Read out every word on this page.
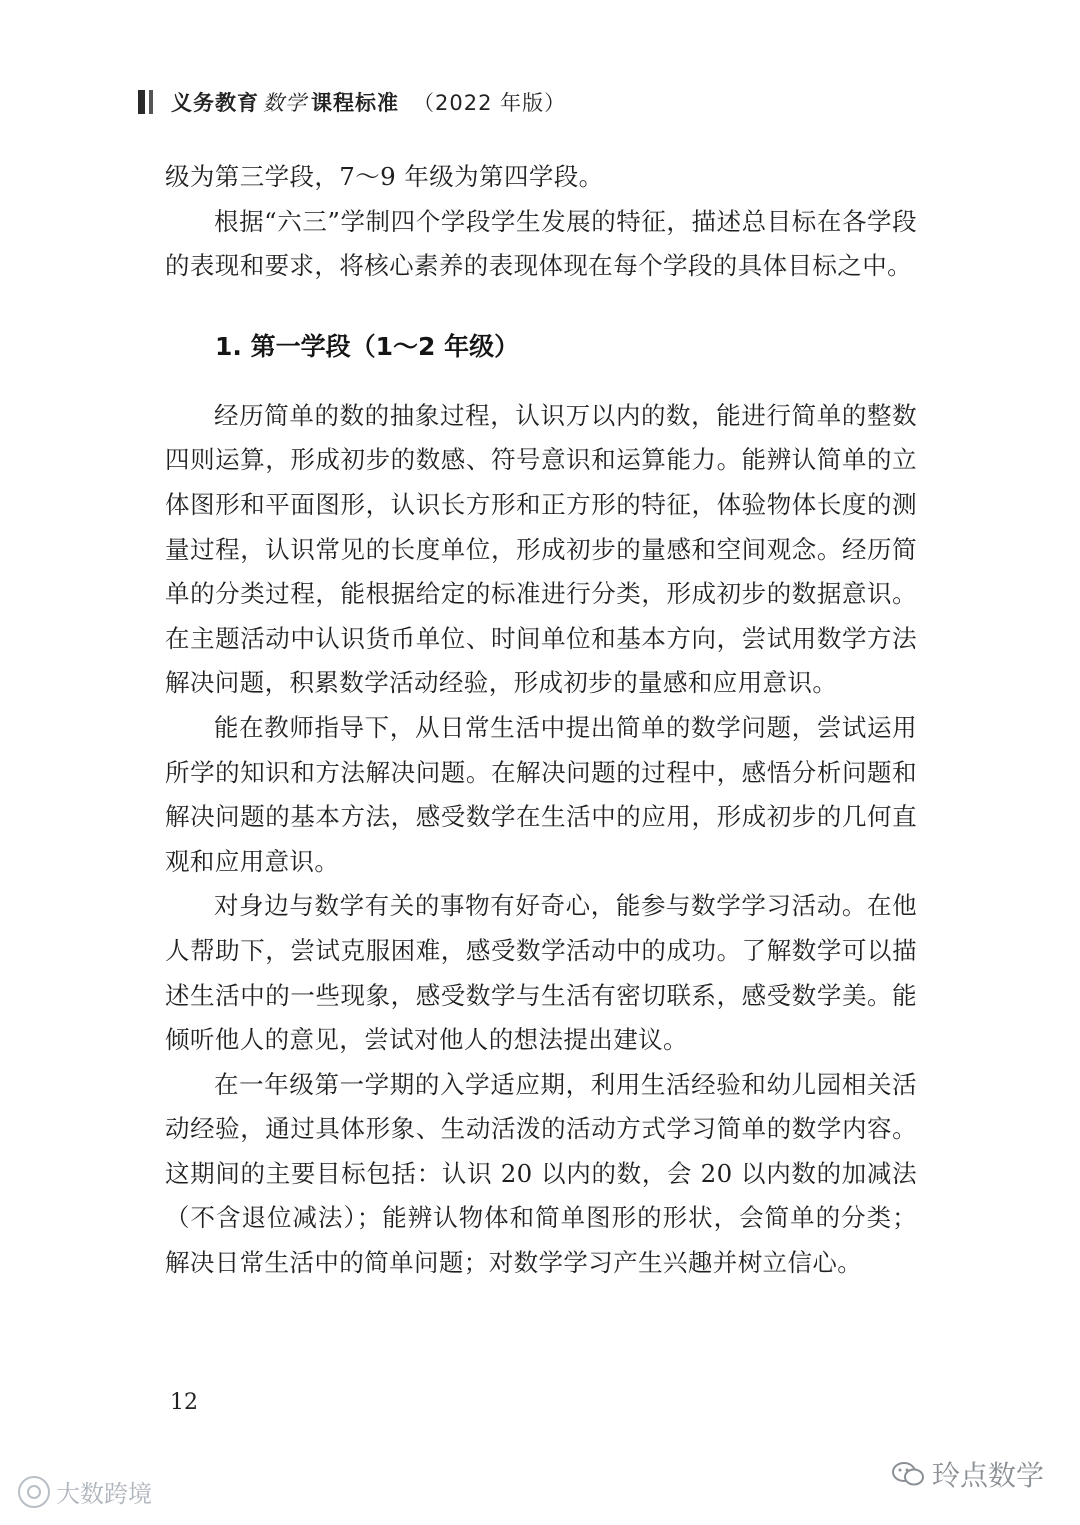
义务教育 数学 课程标准 （2022 年版）

级为第三学段，7～9 年级为第四学段。

根据“六三”学制四个学段学生发展的特征，描述总目标在各学段的表现和要求，将核心素养的表现体现在每个学段的具体目标之中。

1. 第一学段（1～2 年级）

经历简单的数的抽象过程，认识万以内的数，能进行简单的整数四则运算，形成初步的数感、符号意识和运算能力。能辨认简单的立体图形和平面图形，认识长方形和正方形的特征，体验物体长度的测量过程，认识常见的长度单位，形成初步的量感和空间观念。经历简单的分类过程，能根据给定的标准进行分类，形成初步的数据意识。在主题活动中认识货币单位、时间单位和基本方向，尝试用数学方法解决问题，积累数学活动经验，形成初步的量感和应用意识。

能在教师指导下，从日常生活中提出简单的数学问题，尝试运用所学的知识和方法解决问题。在解决问题的过程中，感悟分析问题和解决问题的基本方法，感受数学在生活中的应用，形成初步的几何直观和应用意识。

对身边与数学有关的事物有好奇心，能参与数学学习活动。在他人帮助下，尝试克服困难，感受数学活动中的成功。了解数学可以描述生活中的一些现象，感受数学与生活有密切联系，感受数学美。能倾听他人的意见，尝试对他人的想法提出建议。

在一年级第一学期的入学适应期，利用生活经验和幼儿园相关活动经验，通过具体形象、生动活泼的活动方式学习简单的数学内容。这期间的主要目标包括：认识 20 以内的数，会 20 以内数的加减法（不含退位减法）；能辨认物体和简单图形的形状，会简单的分类；解决日常生活中的简单问题；对数学学习产生兴趣并树立信心。

12
大数跨境
玲点数学
